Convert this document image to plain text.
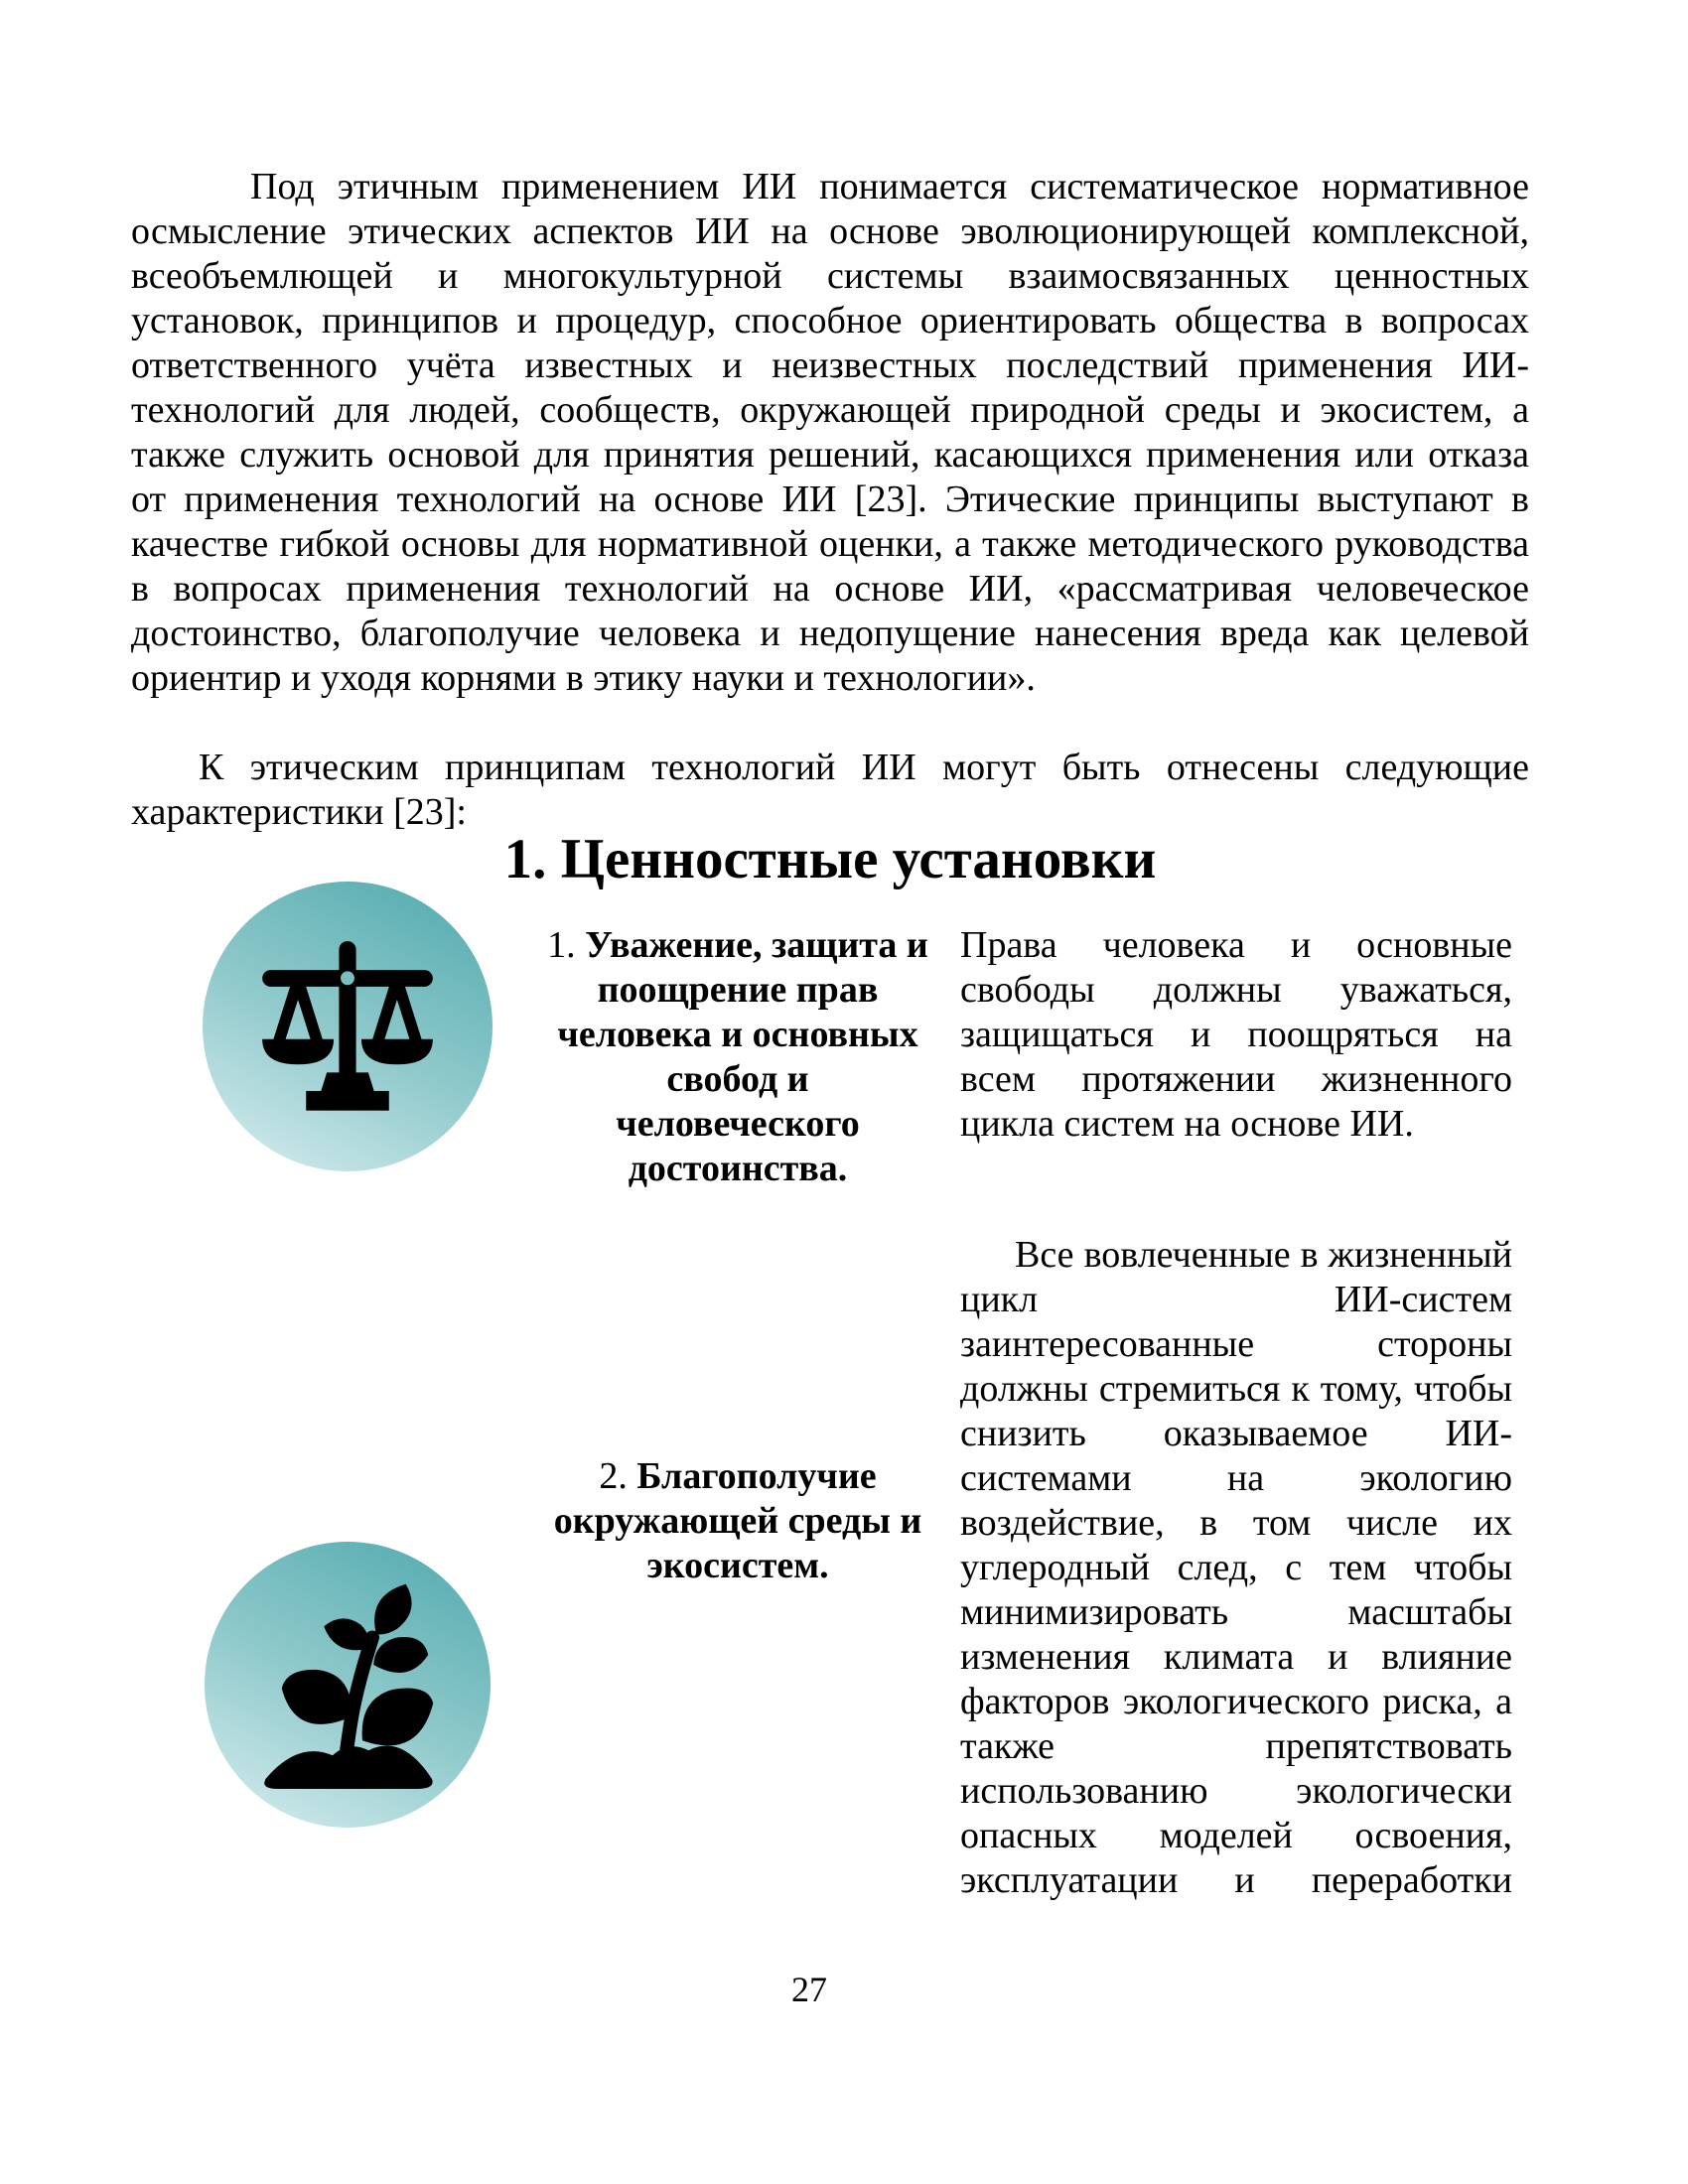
Под этичным применением ИИ понимается систематическое нормативное осмысление этических аспектов ИИ на основе эволюционирующей комплексной, всеобъемлющей и многокультурной системы взаимосвязанных ценностных установок, принципов и процедур, способное ориентировать общества в вопросах ответственного учёта известных и неизвестных последствий применения ИИ-технологий для людей, сообществ, окружающей природной среды и экосистем, а также служить основой для принятия решений, касающихся применения или отказа от применения технологий на основе ИИ [23]. Этические принципы выступают в качестве гибкой основы для нормативной оценки, а также методического руководства в вопросах применения технологий на основе ИИ, «рассматривая человеческое достоинство, благополучие человека и недопущение нанесения вреда как целевой ориентир и уходя корнями в этику науки и технологии».

К этическим принципам технологий ИИ могут быть отнесены следующие характеристики [23]:

1. Ценностные установки
1. Уважение, защита и поощрение прав человека и основных свобод и человеческого достоинства.

Права человека и основные свободы должны уважаться, защищаться и поощряться на всем протяжении жизненного цикла систем на основе ИИ.

Все вовлеченные в жизненный цикл ИИ-систем заинтересованные стороны должны стремиться к тому, чтобы снизить оказываемое ИИ-системами на экологию воздействие, в том числе их углеродный след, с тем чтобы минимизировать масштабы изменения климата и влияние факторов экологического риска, а также препятствовать использованию экологически опасных моделей освоения, эксплуатации и переработки

2. Благополучие окружающей среды и экосистем.
27
